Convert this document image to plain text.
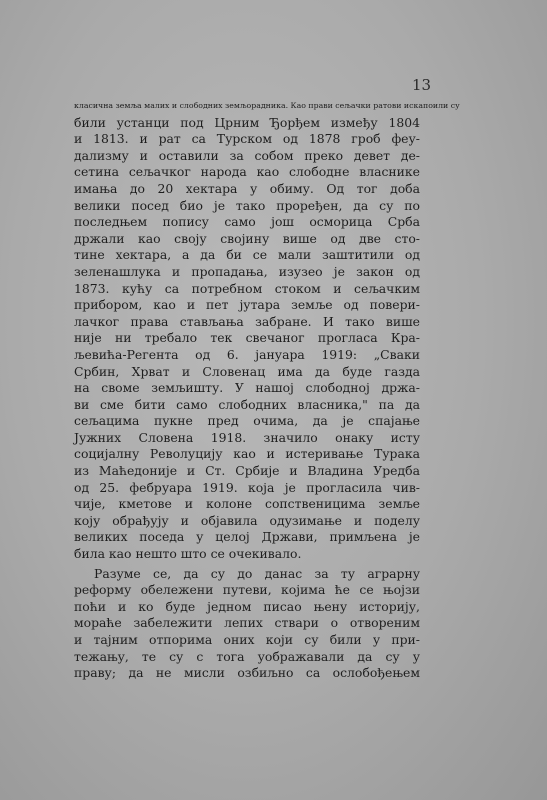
13
класична земља малих и слободних земљорадника. Као прави сељачки ратови искапоили су
били устанци под Црним Ђорђем између 1804
и 1813. и рат са Турском од 1878 гроб феу-
дализму и оставили за собом преко девет де-
сетина сељачког народа као слободне власнике
имања до 20 хектара у обиму. Од тог доба
велики посед био је тако проређен, да су по
последњем попису само још осморица Срба
држали као своју својину више од две сто-
тине хектара, а да би се мали заштитили од
зеленашлука и пропадања, изузео је закон од
1873. кућу са потребном стоком и сељачким
прибором, као и пет јутара земље од повери-
лачког права стављања забране. И тако више
није ни требало тек свечаног прогласа Кра-
љевића-Регента од 6. јануара 1919: „Сваки
Србин, Хрват и Словенац има да буде газда
на своме земљишту. У нашој слободној држа-
ви сме бити само слободних власника," па да
сељацима пукне пред очима, да је спајање
Јужних Словена 1918. значило онаку исту
социјалну Револуцију као и истеривање Турака
из Маћедоније и Ст. Србије и Владина Уредба
од 25. фебруара 1919. која је прогласила чив-
чије, кметове и колоне сопственицима земље
коју обрађују и објавила одузимање и поделу
великих поседа у целој Држави, примљена је
била као нешто што се очекивало.
Разуме се, да су до данас за ту аграрну
реформу обележени путеви, којима ће се њојзи
поћи и ко буде једном писао њену историју,
мораће забележити лепих ствари о отвореним
и тајним отпорима оних који су били у при-
тежању, те су с тога уображавали да су у
праву; да не мисли озбиљно са ослобођењем
